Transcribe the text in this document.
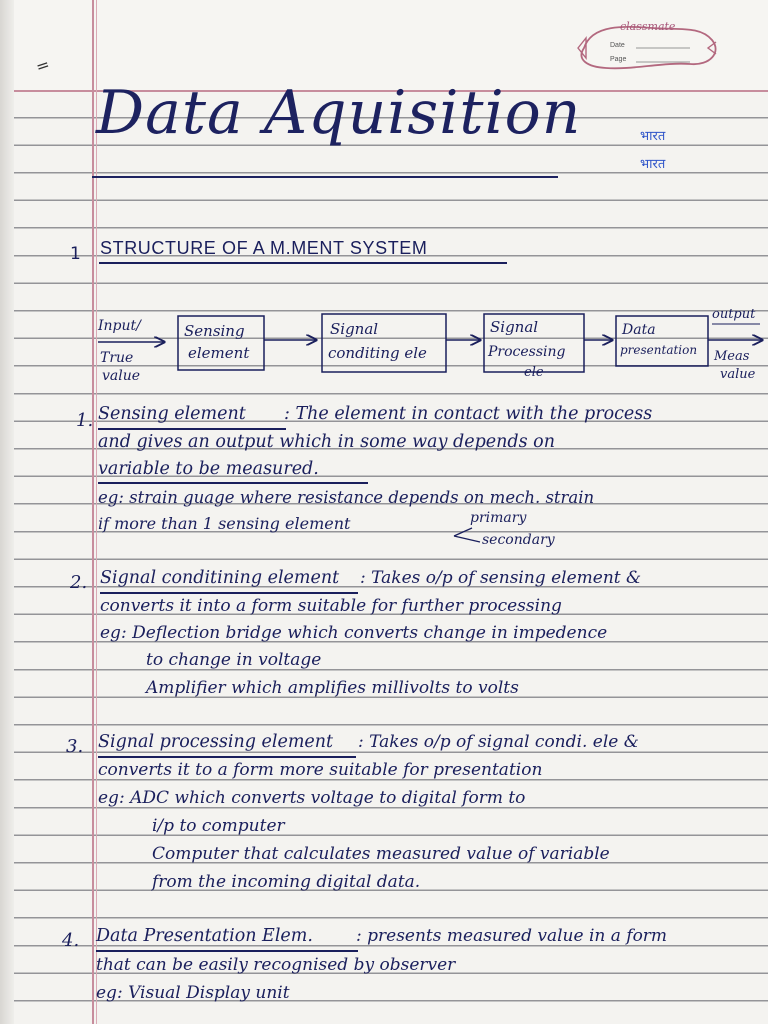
classmate
Date
Page
=
Data Aquisition	भारत
भारत
1 STRUCTURE OF A M.MENT SYSTEM
Input/
True
value
Sensing
element
Signal
conditing ele
Signal
Processing
ele
Data
presentation
output
Meas
value
1. Sensing element : The element in contact with the process
and gives an output which in some way depends on
variable to be measured.
eg: strain guage where resistance depends on mech. strain
if more than 1 sensing element	primary
secondary
2. Signal conditining element : Takes o/p of sensing element &
converts it into a form suitable for further processing
eg: Deflection bridge which converts change in impedence
to change in voltage
Amplifier which amplifies millivolts to volts
3. Signal processing element : Takes o/p of signal condi. ele &
converts it to a form more suitable for presentation
eg: ADC which converts voltage to digital form to
i/p to computer
Computer that calculates measured value of variable
from the incoming digital data.
4. Data Presentation Elem.	: presents measured value in a form
that can be easily recognised by observer
eg: Visual Display unit
